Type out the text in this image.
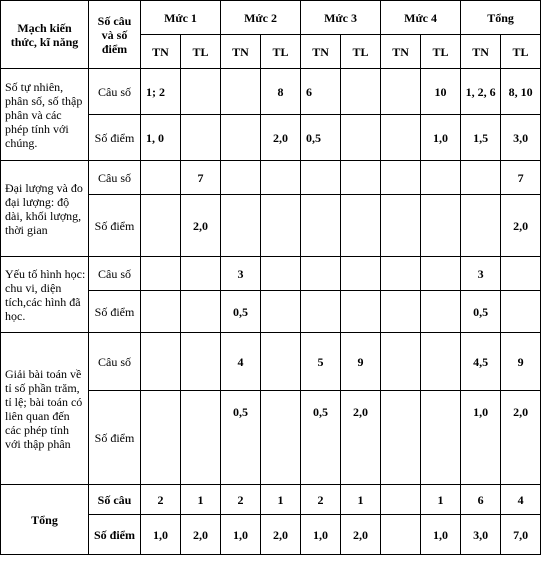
Mạch kiến thức, kĩ năng	Số câu và số điểm	Mức 1		Mức 2		Mức 3		Mức 4		Tổng	
		TN	TL	TN	TL	TN	TL	TN	TL	TN	TL
Số tự nhiên, phân số, số thập phân và các phép tính với chúng.	Câu số	1; 2			8	6			10	1, 2, 6	8, 10
	Số điểm	1, 0			2,0	0,5			1,0	1,5	3,0
Đại lượng và đo đại lượng: độ dài, khối lượng, thời gian	Câu số		7								7
	Số điểm		2,0								2,0
Yếu tố hình học: chu vi, diện tích,các hình đã học.	Câu số			3						3	
	Số điểm			0,5						0,5	
Giải bài toán về tỉ số phần trăm, tỉ lệ; bài toán có liên quan đến các phép tính với thập phân	Câu số			4		5	9			4,5	9
	Số điểm			0,5		0,5	2,0			1,0	2,0
Tổng	Số câu	2	1	2	1	2	1		1	6	4
	Số điểm	1,0	2,0	1,0	2,0	1,0	2,0		1,0	3,0	7,0
